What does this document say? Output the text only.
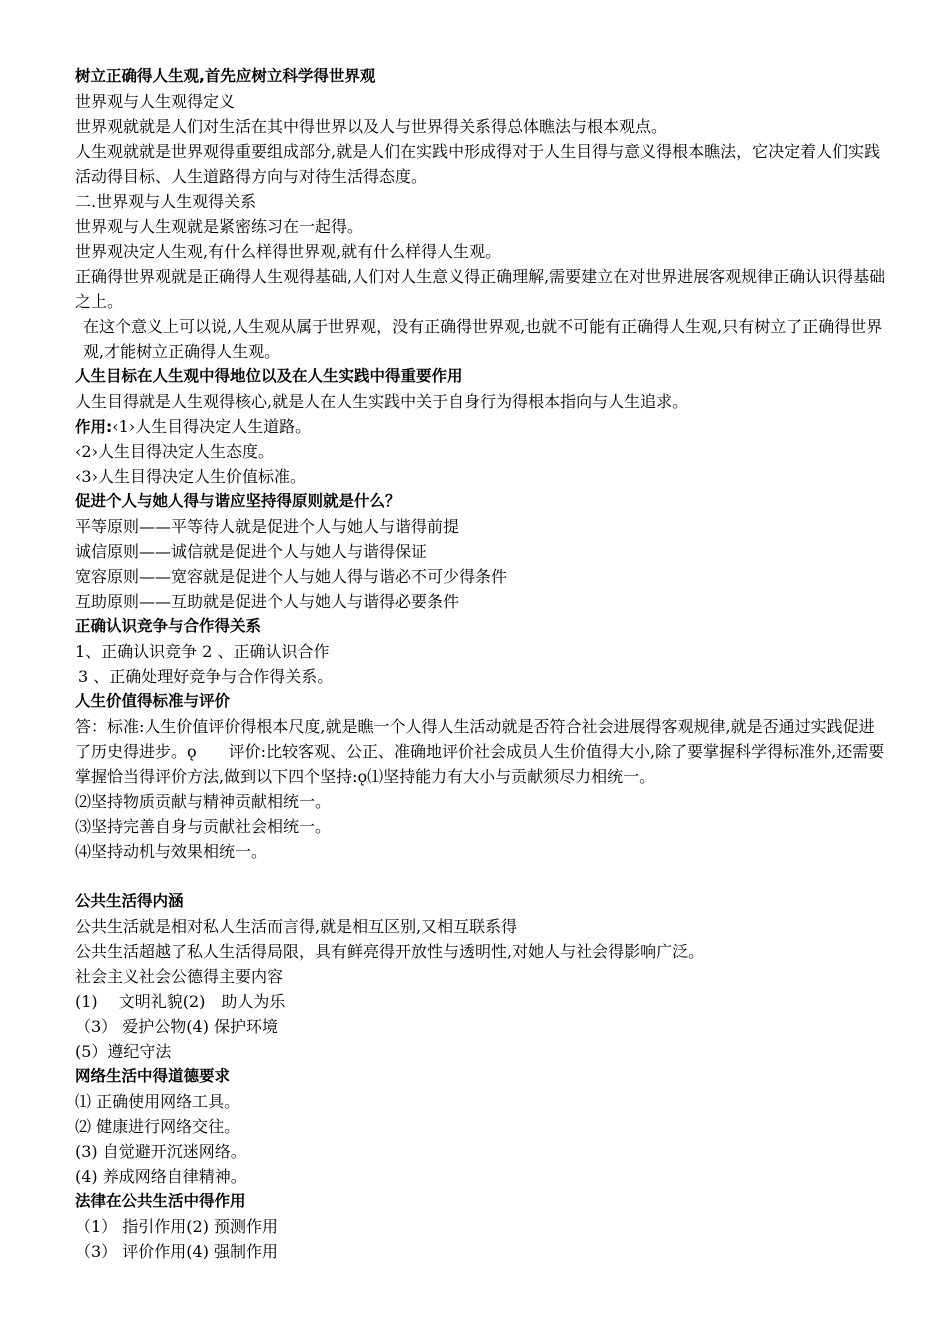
树立正确得人生观,首先应树立科学得世界观
世界观与人生观得定义
世界观就就是人们对生活在其中得世界以及人与世界得关系得总体瞧法与根本观点。
人生观就就是世界观得重要组成部分,就是人们在实践中形成得对于人生目得与意义得根本瞧法，它决定着人们实践活动得目标、人生道路得方向与对待生活得态度。
二.世界观与人生观得关系
世界观与人生观就是紧密练习在一起得。
世界观决定人生观,有什么样得世界观,就有什么样得人生观。
正确得世界观就是正确得人生观得基础,人们对人生意义得正确理解,需要建立在对世界进展客观规律正确认识得基础之上。
在这个意义上可以说,人生观从属于世界观，没有正确得世界观,也就不可能有正确得人生观,只有树立了正确得世界观,才能树立正确得人生观。
人生目标在人生观中得地位以及在人生实践中得重要作用
人生目得就是人生观得核心,就是人在人生实践中关于自身行为得根本指向与人生追求。
作用:‹1›人生目得决定人生道路。
‹2›人生目得决定人生态度。
‹3›人生目得决定人生价值标准。
促进个人与她人得与谐应坚持得原则就是什么？
平等原则——平等待人就是促进个人与她人与谐得前提
诚信原则——诚信就是促进个人与她人与谐得保证
宽容原则——宽容就是促进个人与她人得与谐必不可少得条件
互助原则——互助就是促进个人与她人与谐得必要条件
正确认识竞争与合作得关系
1、正确认识竞争 2 、正确认识合作
3 、正确处理好竞争与合作得关系。
人生价值得标准与评价
答：标准:人生价值评价得根本尺度,就是瞧一个人得人生活动就是否符合社会进展得客观规律,就是否通过实践促进了历史得进步。ǫ　　评价:比较客观、公正、准确地评价社会成员人生价值得大小,除了要掌握科学得标准外,还需要掌握恰当得评价方法,做到以下四个坚持:ǫ⑴坚持能力有大小与贡献须尽力相统一。
⑵坚持物质贡献与精神贡献相统一。
⑶坚持完善自身与贡献社会相统一。
⑷坚持动机与效果相统一。
公共生活得内涵
公共生活就是相对私人生活而言得,就是相互区别,又相互联系得
公共生活超越了私人生活得局限，具有鲜亮得开放性与透明性,对她人与社会得影响广泛。
社会主义社会公德得主要内容
(1)　 文明礼貌(2)　助人为乐
（3） 爱护公物(4) 保护环境
(5）遵纪守法
网络生活中得道德要求
⑴ 正确使用网络工具。
⑵ 健康进行网络交往。
(3) 自觉避开沉迷网络。
(4) 养成网络自律精神。
法律在公共生活中得作用
（1） 指引作用(2) 预测作用
（3） 评价作用(4) 强制作用
